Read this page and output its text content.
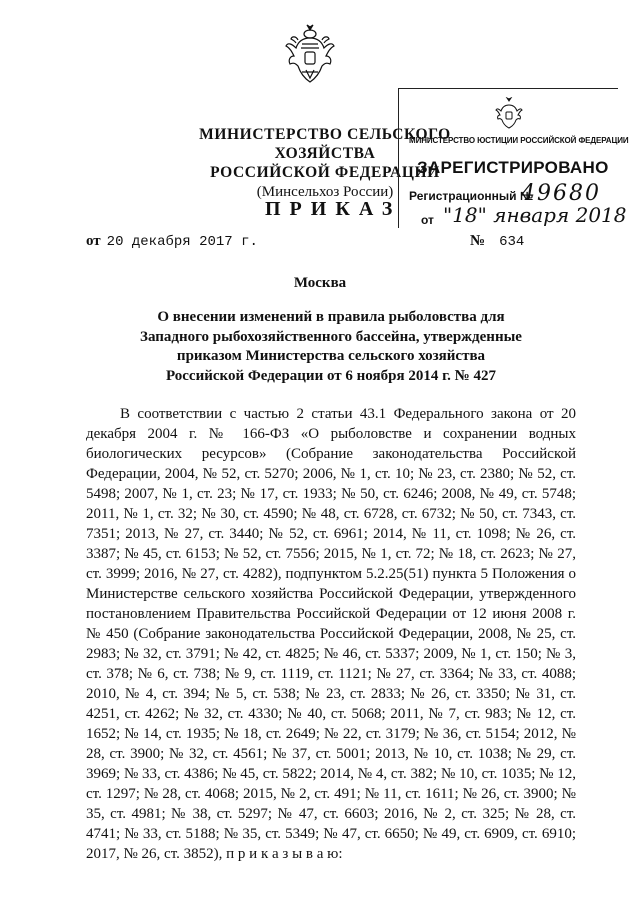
МИНИСТЕРСТВО СЕЛЬСКОГО ХОЗЯЙСТВА
РОССИЙСКОЙ ФЕДЕРАЦИИ
(Минсельхоз России)
МИНИСТЕРСТВО ЮСТИЦИИ РОССИЙСКОЙ ФЕДЕРАЦИИ
ЗАРЕГИСТРИРОВАНО
Регистрационный №
49680
от "18" января 2018
ПРИКАЗ
от 20 декабря 2017 г.	№ 634
Москва
О внесении изменений в правила рыболовства для
Западного рыбохозяйственного бассейна, утвержденные
приказом Министерства сельского хозяйства
Российской Федерации от 6 ноября 2014 г. № 427

В соответствии с частью 2 статьи 43.1 Федерального закона от 20 декабря 2004 г. № 166-ФЗ «О рыболовстве и сохранении водных биологических ресурсов» (Собрание законодательства Российской Федерации, 2004, № 52, ст. 5270; 2006, № 1, ст. 10; № 23, ст. 2380; № 52, ст. 5498; 2007, № 1, ст. 23; № 17, ст. 1933; № 50, ст. 6246; 2008, № 49, ст. 5748; 2011, № 1, ст. 32; № 30, ст. 4590; № 48, ст. 6728, ст. 6732; № 50, ст. 7343, ст. 7351; 2013, № 27, ст. 3440; № 52, ст. 6961; 2014, № 11, ст. 1098; № 26, ст. 3387; № 45, ст. 6153; № 52, ст. 7556; 2015, № 1, ст. 72; № 18, ст. 2623; № 27, ст. 3999; 2016, № 27, ст. 4282), подпунктом 5.2.25(51) пункта 5 Положения о Министерстве сельского хозяйства Российской Федерации, утвержденного постановлением Правительства Российской Федерации от 12 июня 2008 г. № 450 (Собрание законодательства Российской Федерации, 2008, № 25, ст. 2983; № 32, ст. 3791; № 42, ст. 4825; № 46, ст. 5337; 2009, № 1, ст. 150; № 3, ст. 378; № 6, ст. 738; № 9, ст. 1119, ст. 1121; № 27, ст. 3364; № 33, ст. 4088; 2010, № 4, ст. 394; № 5, ст. 538; № 23, ст. 2833; № 26, ст. 3350; № 31, ст. 4251, ст. 4262; № 32, ст. 4330; № 40, ст. 5068; 2011, № 7, ст. 983; № 12, ст. 1652; № 14, ст. 1935; № 18, ст. 2649; № 22, ст. 3179; № 36, ст. 5154; 2012, № 28, ст. 3900; № 32, ст. 4561; № 37, ст. 5001; 2013, № 10, ст. 1038; № 29, ст. 3969; № 33, ст. 4386; № 45, ст. 5822; 2014, № 4, ст. 382; № 10, ст. 1035; № 12, ст. 1297; № 28, ст. 4068; 2015, № 2, ст. 491; № 11, ст. 1611; № 26, ст. 3900; № 35, ст. 4981; № 38, ст. 5297; № 47, ст. 6603; 2016, № 2, ст. 325; № 28, ст. 4741; № 33, ст. 5188; № 35, ст. 5349; № 47, ст. 6650; № 49, ст. 6909, ст. 6910; 2017, № 26, ст. 3852), п р и к а з ы в а ю:
